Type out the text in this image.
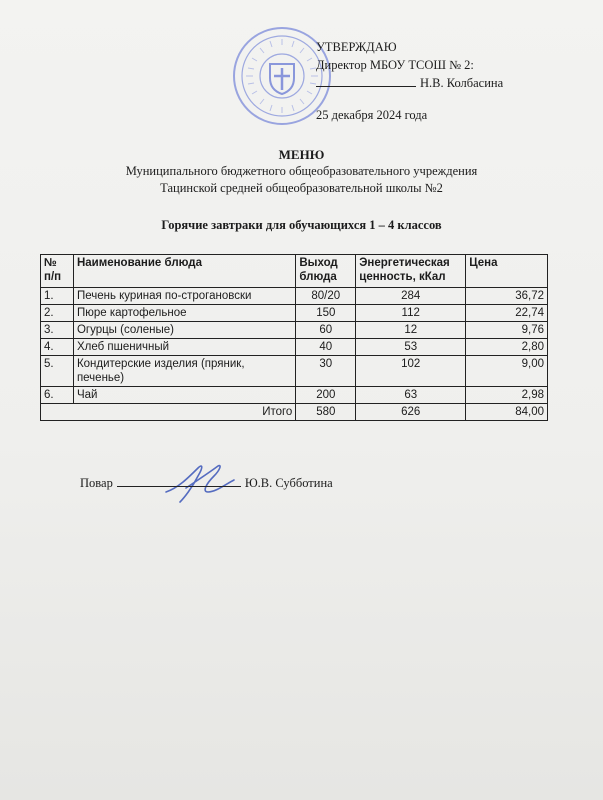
УТВЕРЖДАЮ
Директор МБОУ ТСОШ № 2:
Н.В. Колбасина
25 декабря 2024 года
МЕНЮ
Муниципального бюджетного общеобразовательного учреждения
Тацинской средней общеобразовательной школы №2
Горячие завтраки для обучающихся 1 – 4 классов
№ п/п	Наименование блюда	Выход блюда	Энергетическая ценность, кКал	Цена
1.	Печень куриная по-строгановски	80/20	284	36,72
2.	Пюре картофельное	150	112	22,74
3.	Огурцы (соленые)	60	12	9,76
4.	Хлеб пшеничный	40	53	2,80
5.	Кондитерские изделия (пряник, печенье)	30	102	9,00
6.	Чай	200	63	2,98
Итого		580	626	84,00
Повар	Ю.В. Субботина
